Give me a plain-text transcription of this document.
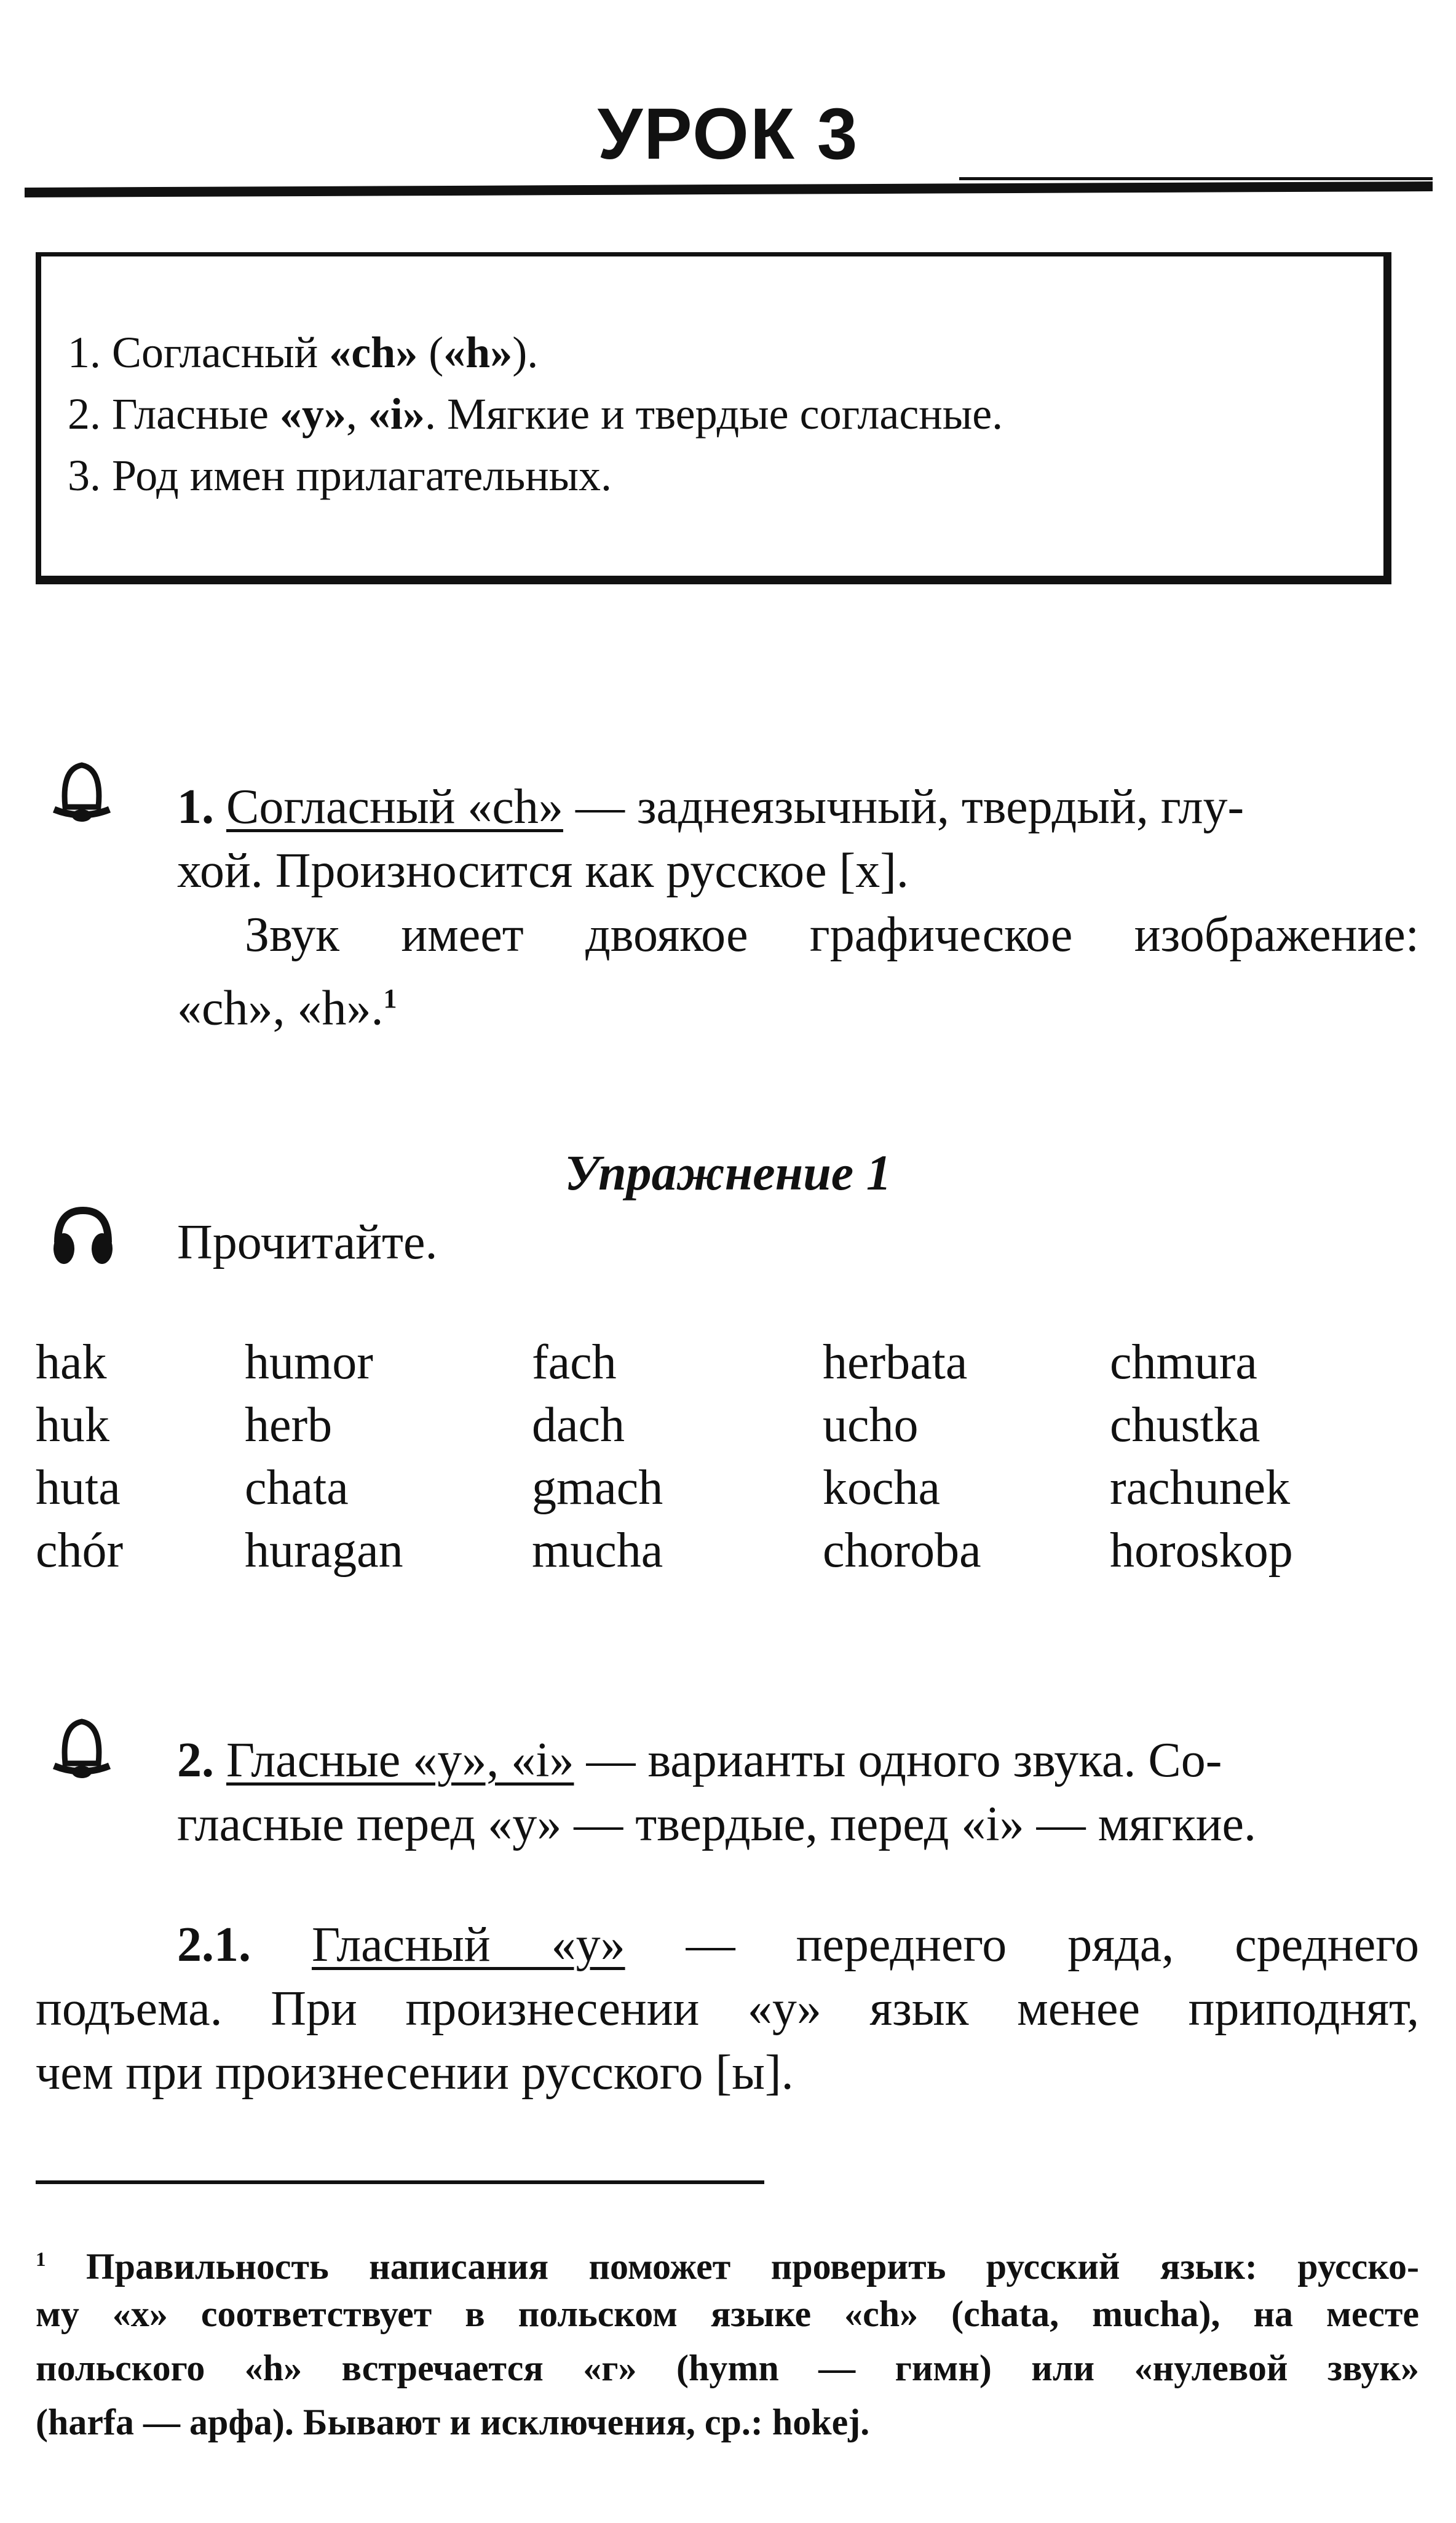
УРОК 3
1. Согласный «ch» («h»).
2. Гласные «y», «i». Мягкие и твердые согласные.
3. Род имен прилагательных.
1. Согласный «ch» — заднеязычный, твердый, глу-
хой. Произносится как русское [х].
Звук имеет двоякое графическое изображение:
«ch», «h».$^1$
Упражнение 1
Прочитайте.
hak
huk
huta
chór
humor
herb
chata
huragan
fach
dach
gmach
mucha
herbata
ucho
kocha
choroba
chmura
chustka
rachunek
horoskop
2. Гласные «y», «i» — варианты одного звука. Со-
гласные перед «y» — твердые, перед «i» — мягкие.
2.1. Гласный «y» — переднего ряда, среднего
подъема. При произнесении «y» язык менее приподнят,
чем при произнесении русского [ы].
$^1$ Правильность написания поможет проверить русский язык: русско-
му «х» соответствует в польском языке «ch» (chata, mucha), на месте
польского «h» встречается «г» (hymn — гимн) или «нулевой звук»
(harfa — арфа). Бывают и исключения, ср.: hokej.
